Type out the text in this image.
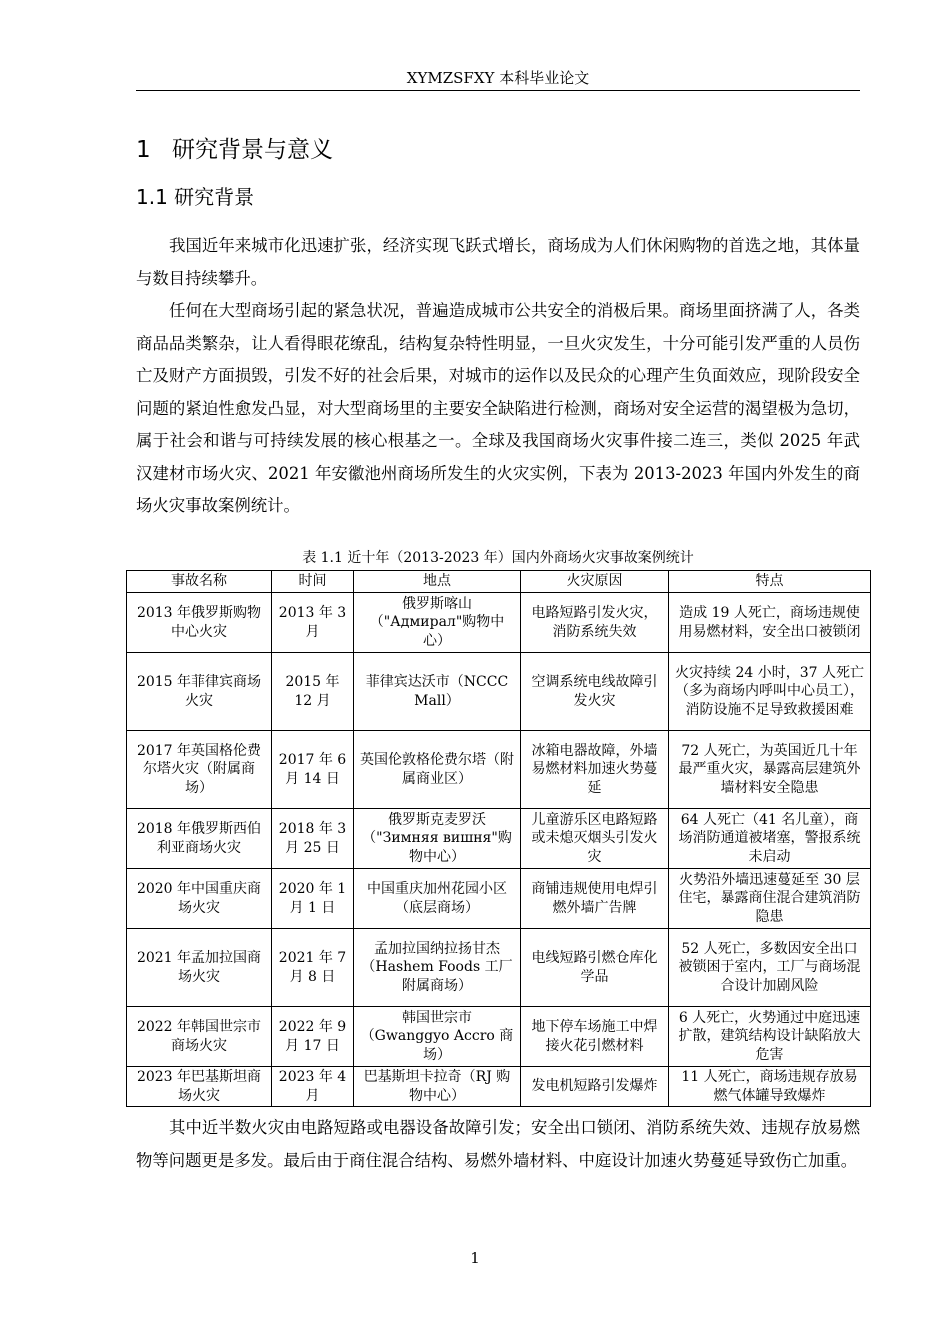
XYMZSFXY 本科毕业论文
1 研究背景与意义
1.1 研究背景

我国近年来城市化迅速扩张，经济实现飞跃式增长，商场成为人们休闲购物的首选之地，其体量与数目持续攀升。

任何在大型商场引起的紧急状况，普遍造成城市公共安全的消极后果。商场里面挤满了人，各类商品品类繁杂，让人看得眼花缭乱，结构复杂特性明显，一旦火灾发生，十分可能引发严重的人员伤亡及财产方面损毁，引发不好的社会后果，对城市的运作以及民众的心理产生负面效应，现阶段安全问题的紧迫性愈发凸显，对大型商场里的主要安全缺陷进行检测，商场对安全运营的渴望极为急切，属于社会和谐与可持续发展的核心根基之一。全球及我国商场火灾事件接二连三，类似 2025 年武汉建材市场火灾、2021 年安徽池州商场所发生的火灾实例，下表为 2013-2023 年国内外发生的商场火灾事故案例统计。

表 1.1 近十年（2013-2023 年）国内外商场火灾事故案例统计
事故名称	时间	地点	火灾原因	特点
2013 年俄罗斯购物中心火灾	2013 年 3 月	俄罗斯喀山（"Адмирал"购物中心）	电路短路引发火灾，消防系统失效	造成 19 人死亡，商场违规使用易燃材料，安全出口被锁闭
2015 年菲律宾商场火灾	2015 年 12 月	菲律宾达沃市（NCCC Mall）	空调系统电线故障引发火灾	火灾持续 24 小时，37 人死亡（多为商场内呼叫中心员工），消防设施不足导致救援困难
2017 年英国格伦费尔塔火灾（附属商场）	2017 年 6 月 14 日	英国伦敦格伦费尔塔（附属商业区）	冰箱电器故障，外墙易燃材料加速火势蔓延	72 人死亡，为英国近几十年最严重火灾，暴露高层建筑外墙材料安全隐患
2018 年俄罗斯西伯利亚商场火灾	2018 年 3 月 25 日	俄罗斯克麦罗沃（"Зимняя вишня"购物中心）	儿童游乐区电路短路或未熄灭烟头引发火灾	64 人死亡（41 名儿童），商场消防通道被堵塞，警报系统未启动
2020 年中国重庆商场火灾	2020 年 1 月 1 日	中国重庆加州花园小区（底层商场）	商铺违规使用电焊引燃外墙广告牌	火势沿外墙迅速蔓延至 30 层住宅，暴露商住混合建筑消防隐患
2021 年孟加拉国商场火灾	2021 年 7 月 8 日	孟加拉国纳拉扬甘杰（Hashem Foods 工厂附属商场）	电线短路引燃仓库化学品	52 人死亡，多数因安全出口被锁困于室内，工厂与商场混合设计加剧风险
2022 年韩国世宗市商场火灾	2022 年 9 月 17 日	韩国世宗市（Gwanggyo Accro 商场）	地下停车场施工中焊接火花引燃材料	6 人死亡，火势通过中庭迅速扩散，建筑结构设计缺陷放大危害
2023 年巴基斯坦商场火灾	2023 年 4 月	巴基斯坦卡拉奇（RJ 购物中心）	发电机短路引发爆炸	11 人死亡，商场违规存放易燃气体罐导致爆炸

其中近半数火灾由电路短路或电器设备故障引发；安全出口锁闭、消防系统失效、违规存放易燃物等问题更是多发。最后由于商住混合结构、易燃外墙材料、中庭设计加速火势蔓延导致伤亡加重。

1
